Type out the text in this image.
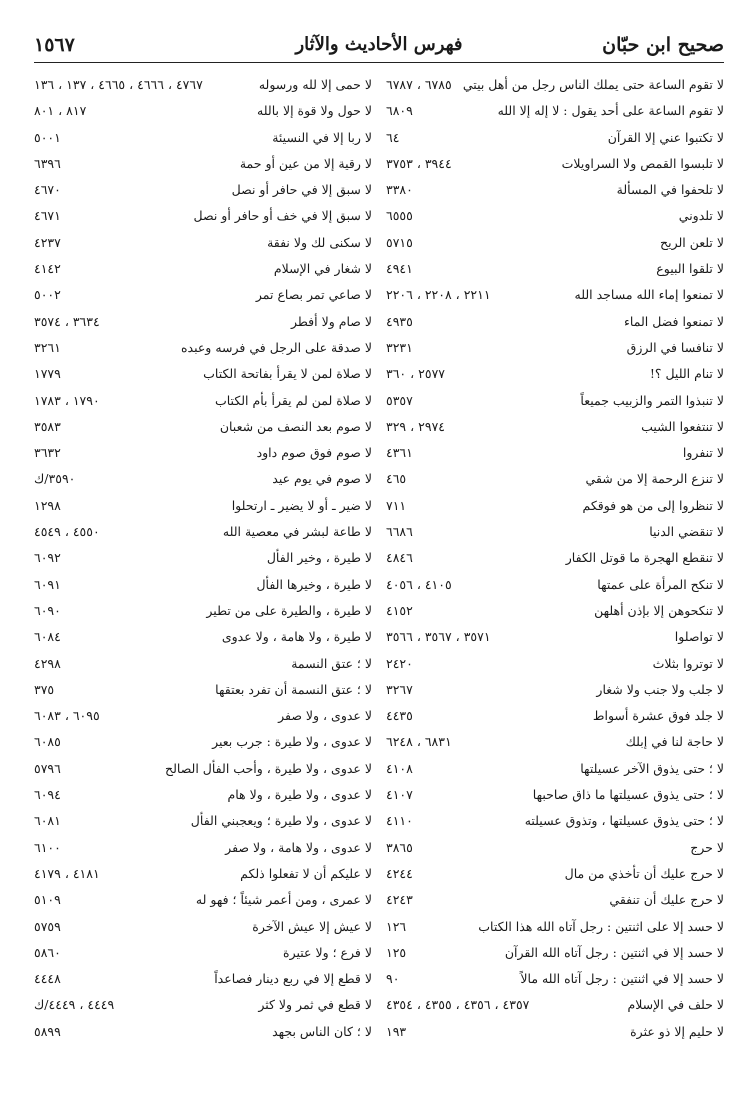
صحيح ابن حبّان
فهرس الأحاديث والآثار
١٥٦٧
لا تقوم الساعة حتى يملك الناس رجل من أهل بيتي
٦٧٨٥ ، ٦٧٨٧
لا تقوم الساعة على أحد يقول : لا إله إلا الله
٦٨٠٩
لا تكتبوا عني إلا القرآن
٦٤
لا تلبسوا القمص ولا السراويلات
٣٩٤٤ ، ٣٧٥٣
لا تلحفوا في المسألة
٣٣٨٠
لا تلدوني
٦٥٥٥
لا تلعن الريح
٥٧١٥
لا تلقوا البيوع
٤٩٤١
لا تمنعوا إماء الله مساجد الله
٢٢١١ ، ٢٢٠٨ ، ٢٢٠٦
لا تمنعوا فضل الماء
٤٩٣٥
لا تنافسا في الرزق
٣٢٣١
لا تنام الليل ؟!
٢٥٧٧ ، ٣٦٠
لا تنبذوا التمر والزبيب جميعاً
٥٣٥٧
لا تنتفعوا الشيب
٢٩٧٤ ، ٣٢٩
لا تنفروا
٤٣٦١
لا تنزع الرحمة إلا من شقي
٤٦٥
لا تنظروا إلى من هو فوقكم
٧١١
لا تنقضي الدنيا
٦٦٨٦
لا تنقطع الهجرة ما قوتل الكفار
٤٨٤٦
لا تنكح المرأة على عمتها
٤١٠٥ ، ٤٠٥٦
لا تنكحوهن إلا بإذن أهلهن
٤١٥٢
لا تواصلوا
٣٥٧١ ، ٣٥٦٧ ، ٣٥٦٦
لا توتروا بثلاث
٢٤٢٠
لا جلب ولا جنب ولا شغار
٣٢٦٧
لا جلد فوق عشرة أسواط
٤٤٣٥
لا حاجة لنا في إبلك
٦٨٣١ ، ٦٢٤٨
لا ؛ حتى يذوق الآخر عسيلتها
٤١٠٨
لا ؛ حتى يذوق عسيلتها ما ذاق صاحبها
٤١٠٧
لا ؛ حتى يذوق عسيلتها ، وتذوق عسيلته
٤١١٠
لا حرج
٣٨٦٥
لا حرج عليك أن تأخذي من مال
٤٢٤٤
لا حرج عليك أن تنفقي
٤٢٤٣
لا حسد إلا على اثنتين : رجل آتاه الله هذا الكتاب
١٢٦
لا حسد إلا في اثنتين : رجل آتاه الله القرآن
١٢٥
لا حسد إلا في اثنتين : رجل آتاه الله مالاً
٩٠
لا حلف في الإسلام
٤٣٥٧ ، ٤٣٥٦ ، ٤٣٥٥ ، ٤٣٥٤
لا حليم إلا ذو عثرة
١٩٣
لا حمى إلا لله ورسوله
٤٧٦٧ ، ٤٦٦٦ ، ٤٦٦٥ ، ١٣٧ ، ١٣٦
لا حول ولا قوة إلا بالله
٨١٧ ، ٨٠١
لا ربا إلا في النسيئة
٥٠٠١
لا رقية إلا من عين أو حمة
٦٣٩٦
لا سبق إلا في حافر أو نصل
٤٦٧٠
لا سبق إلا في خف أو حافر أو نصل
٤٦٧١
لا سكنى لك ولا نفقة
٤٢٣٧
لا شغار في الإسلام
٤١٤٢
لا صاعي تمر بصاع تمر
٥٠٠٢
لا صام ولا أفطر
٣٦٣٤ ، ٣٥٧٤
لا صدقة على الرجل في فرسه وعبده
٣٢٦١
لا صلاة لمن لا يقرأ بفاتحة الكتاب
١٧٧٩
لا صلاة لمن لم يقرأ بأم الكتاب
١٧٩٠ ، ١٧٨٣
لا صوم بعد النصف من شعبان
٣٥٨٣
لا صوم فوق صوم داود
٣٦٣٢
لا صوم في يوم عيد
٣٥٩٠/ك
لا ضير ـ أو لا يضير ـ ارتحلوا
١٢٩٨
لا طاعة لبشر في معصية الله
٤٥٥٠ ، ٤٥٤٩
لا طيرة ، وخير الفأل
٦٠٩٢
لا طيرة ، وخيرها الفأل
٦٠٩١
لا طيرة ، والطيرة على من تطير
٦٠٩٠
لا طيرة ، ولا هامة ، ولا عدوى
٦٠٨٤
لا ؛ عتق النسمة
٤٢٩٨
لا ؛ عتق النسمة أن تفرد بعتقها
٣٧٥
لا عدوى ، ولا صفر
٦٠٩٥ ، ٦٠٨٣
لا عدوى ، ولا طيرة : جرب بعير
٦٠٨٥
لا عدوى ، ولا طيرة ، وأحب الفأل الصالح
٥٧٩٦
لا عدوى ، ولا طيرة ، ولا هام
٦٠٩٤
لا عدوى ، ولا طيرة ؛ ويعجبني الفأل
٦٠٨١
لا عدوى ، ولا هامة ، ولا صفر
٦١٠٠
لا عليكم أن لا تفعلوا ذلكم
٤١٨١ ، ٤١٧٩
لا عمرى ، ومن أعمر شيئاً ؛ فهو له
٥١٠٩
لا عيش إلا عيش الآخرة
٥٧٥٩
لا فرع ؛ ولا عتيرة
٥٨٦٠
لا قطع إلا في ربع دينار فصاعداً
٤٤٤٨
لا قطع في ثمر ولا كثر
٤٤٤٩ ، ٤٤٤٩/ك
لا ؛ كان الناس بجهد
٥٨٩٩
